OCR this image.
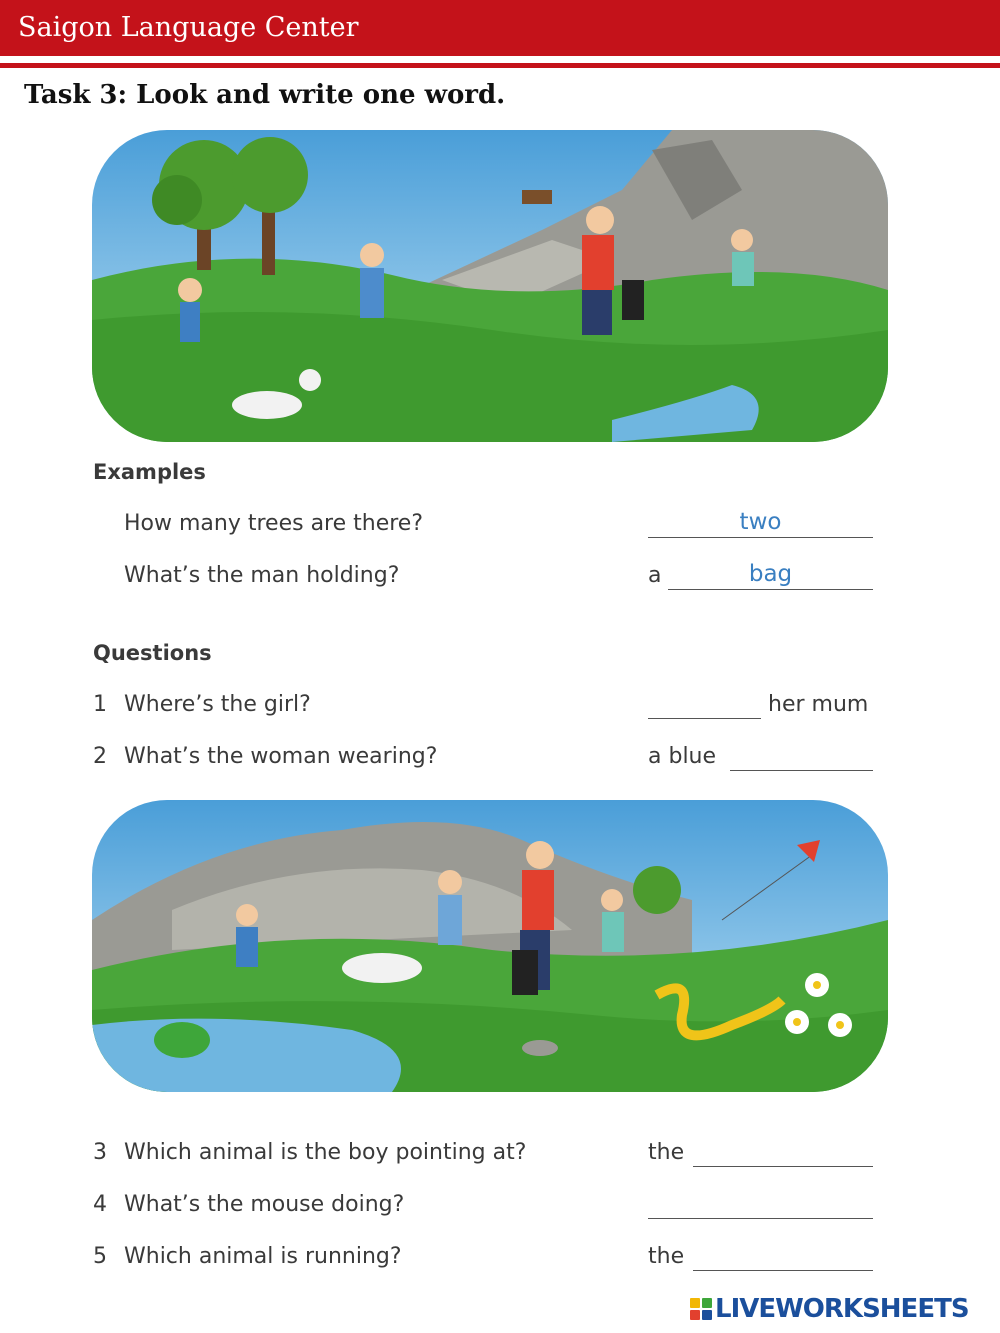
Saigon Language Center
Task 3: Look and write one word.
Examples
How many trees are there?	two
What’s the man holding?	a	bag
Questions
1 Where’s the girl?	her mum
2 What’s the woman wearing?	a blue
3 Which animal is the boy pointing at?	the
4 What’s the mouse doing?
5 Which animal is running?	the
LIVEWORKSHEETS
